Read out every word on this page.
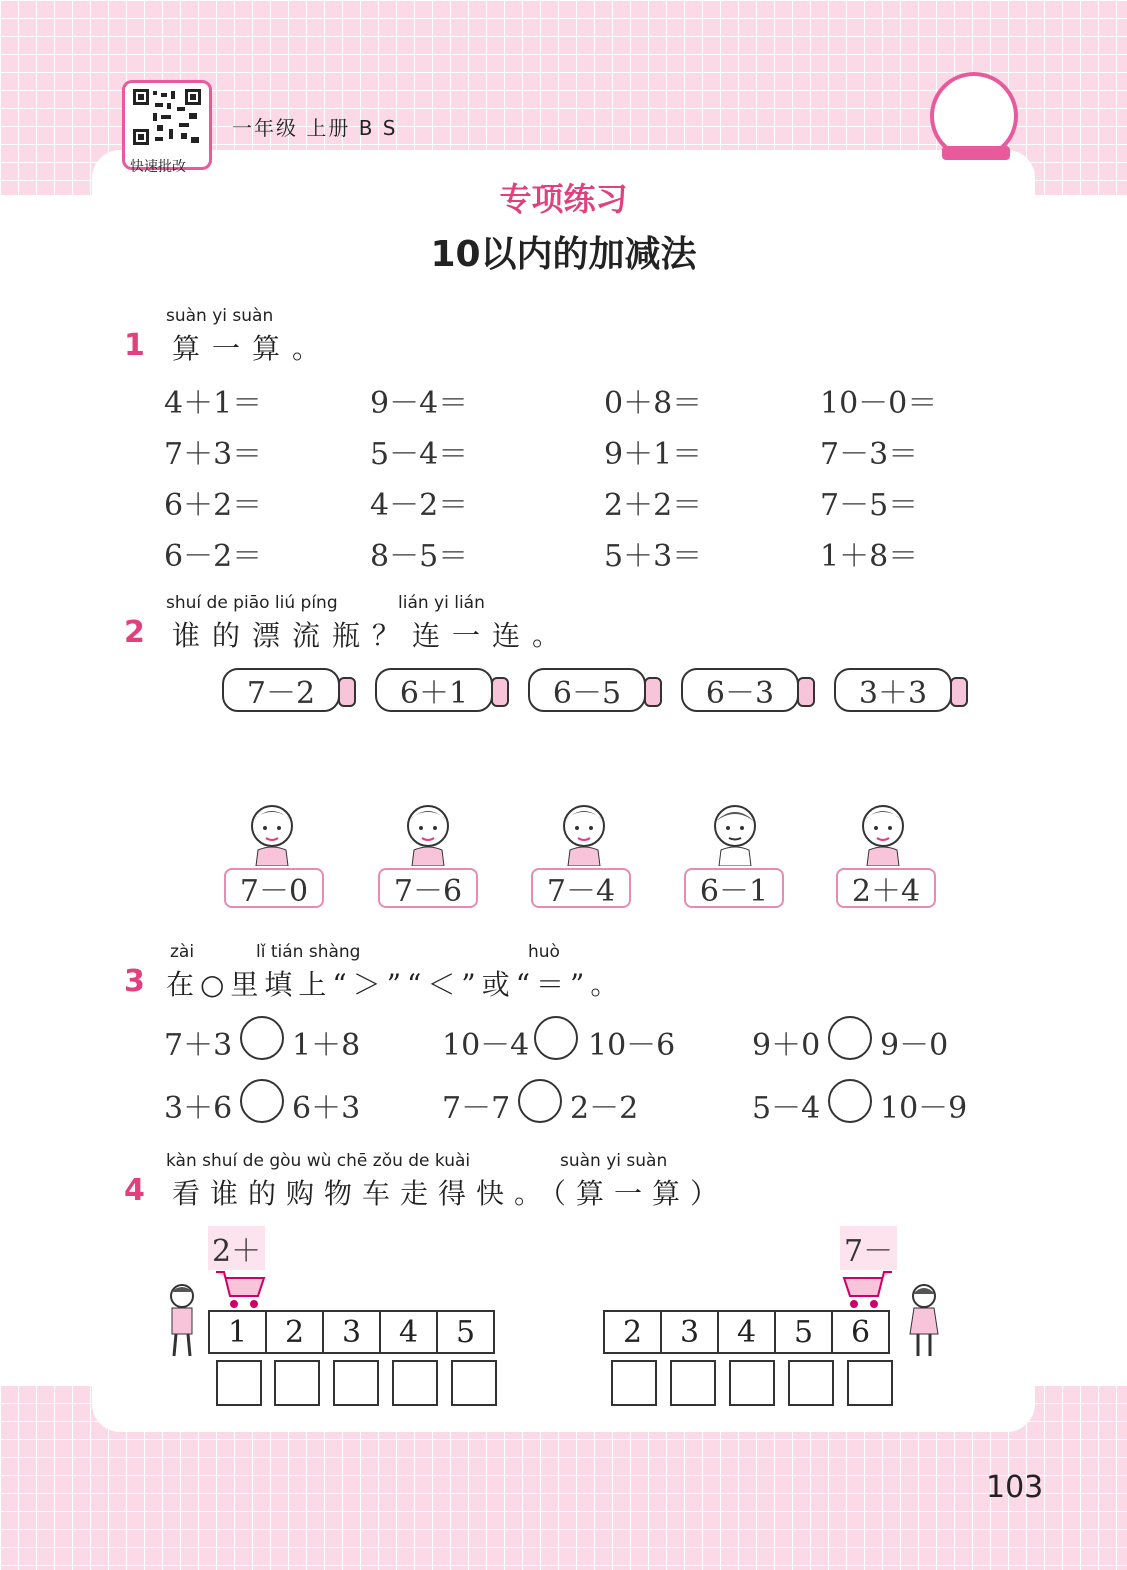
快速批改
一年级 上册 B S
专项练习
10以内的加减法
suàn yi suàn
1 算一算。
4＋1＝	9－4＝	0＋8＝	10－0＝
7＋3＝	5－4＝	9＋1＝	7－3＝
6＋2＝	4－2＝	2＋2＝	7－5＝
6－2＝	8－5＝	5＋3＝	1＋8＝
shuí de piāo liú píng	lián yi lián
2 谁的漂流瓶？连一连。
7－2	6＋1	6－5	6－3	3＋3
7－0	7－6	7－4	6－1	2＋4
zài	lǐ tián shàng	huò
3 在○里填上“＞”“＜”或“＝”。
7＋3 1＋8	10－4 10－6	9＋0 9－0
3＋6 6＋3	7－7 2－2	5－4 10－9
kàn shuí de gòu wù chē zǒu de kuài	suàn yi suàn
4 看谁的购物车走得快。（算一算）
2＋
1	2	3	4	5
7－
2	3	4	5	6
103
